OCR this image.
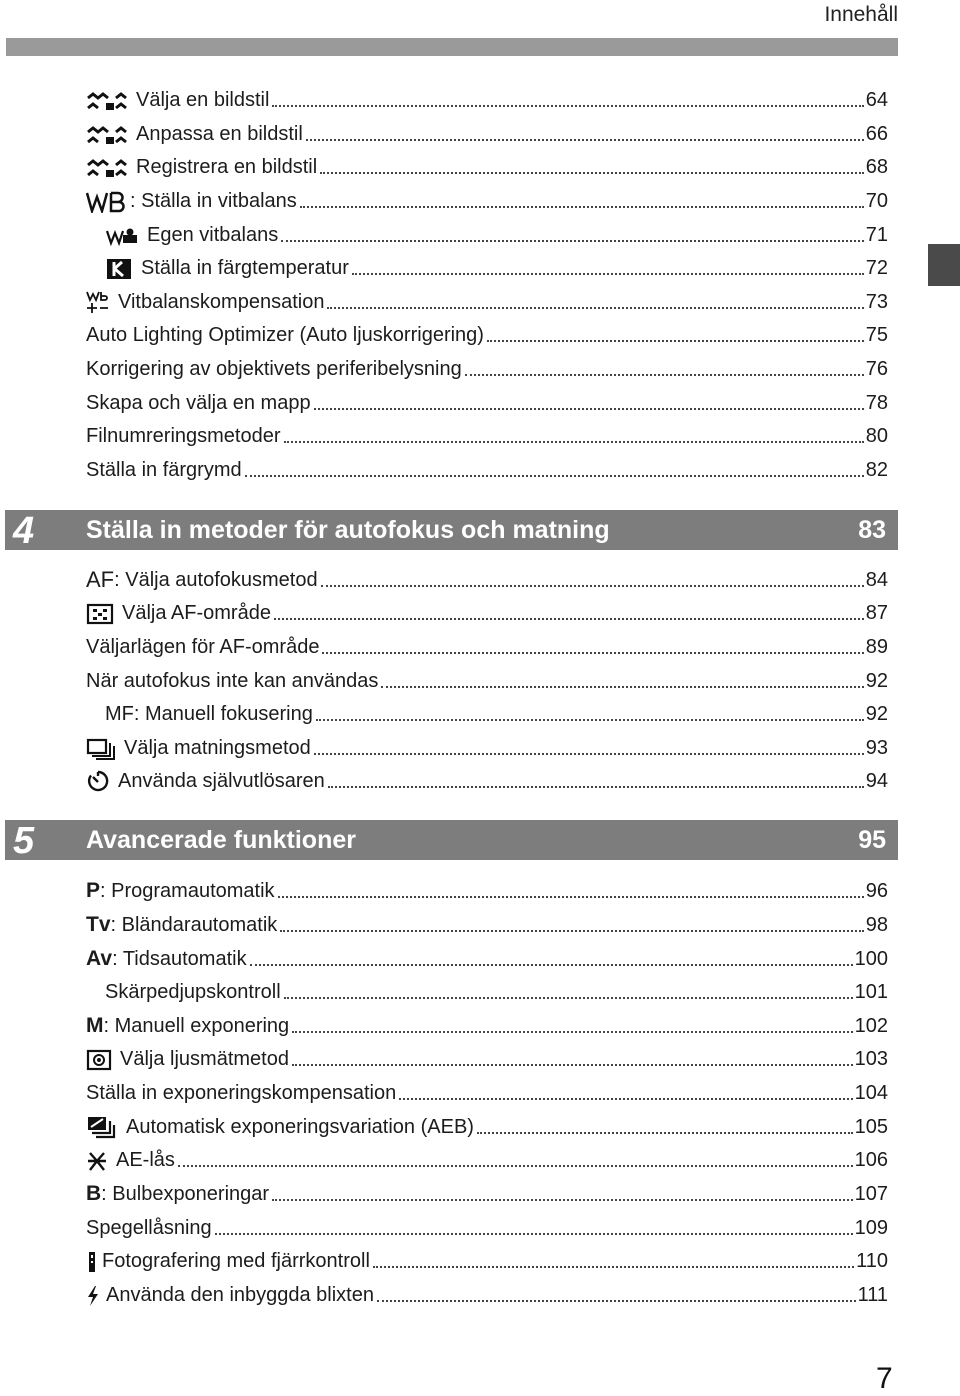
Innehåll
Välja en bildstil	64
Anpassa en bildstil	66
Registrera en bildstil	68
: Ställa in vitbalans	70
Egen vitbalans	71
Ställa in färgtemperatur	72
Vitbalanskompensation	73
Auto Lighting Optimizer (Auto ljuskorrigering)	75
Korrigering av objektivets periferibelysning	76
Skapa och välja en mapp	78
Filnumreringsmetoder	80
Ställa in färgrymd	82
4	Ställa in metoder för autofokus och matning	83
AF : Välja autofokusmetod	84
Välja AF-område	87
Väljarlägen för AF-område	89
När autofokus inte kan användas	92
MF: Manuell fokusering	92
Välja matningsmetod	93
Använda självutlösaren	94
5	Avancerade funktioner	95
P : Programautomatik	96
Tv : Bländarautomatik	98
Av : Tidsautomatik	100
Skärpedjupskontroll	101
M : Manuell exponering	102
Välja ljusmätmetod	103
Ställa in exponeringskompensation	104
Automatisk exponeringsvariation (AEB)	105
AE-lås	106
B : Bulbexponeringar	107
Spegellåsning	109
Fotografering med fjärrkontroll	110
Använda den inbyggda blixten	111
7
